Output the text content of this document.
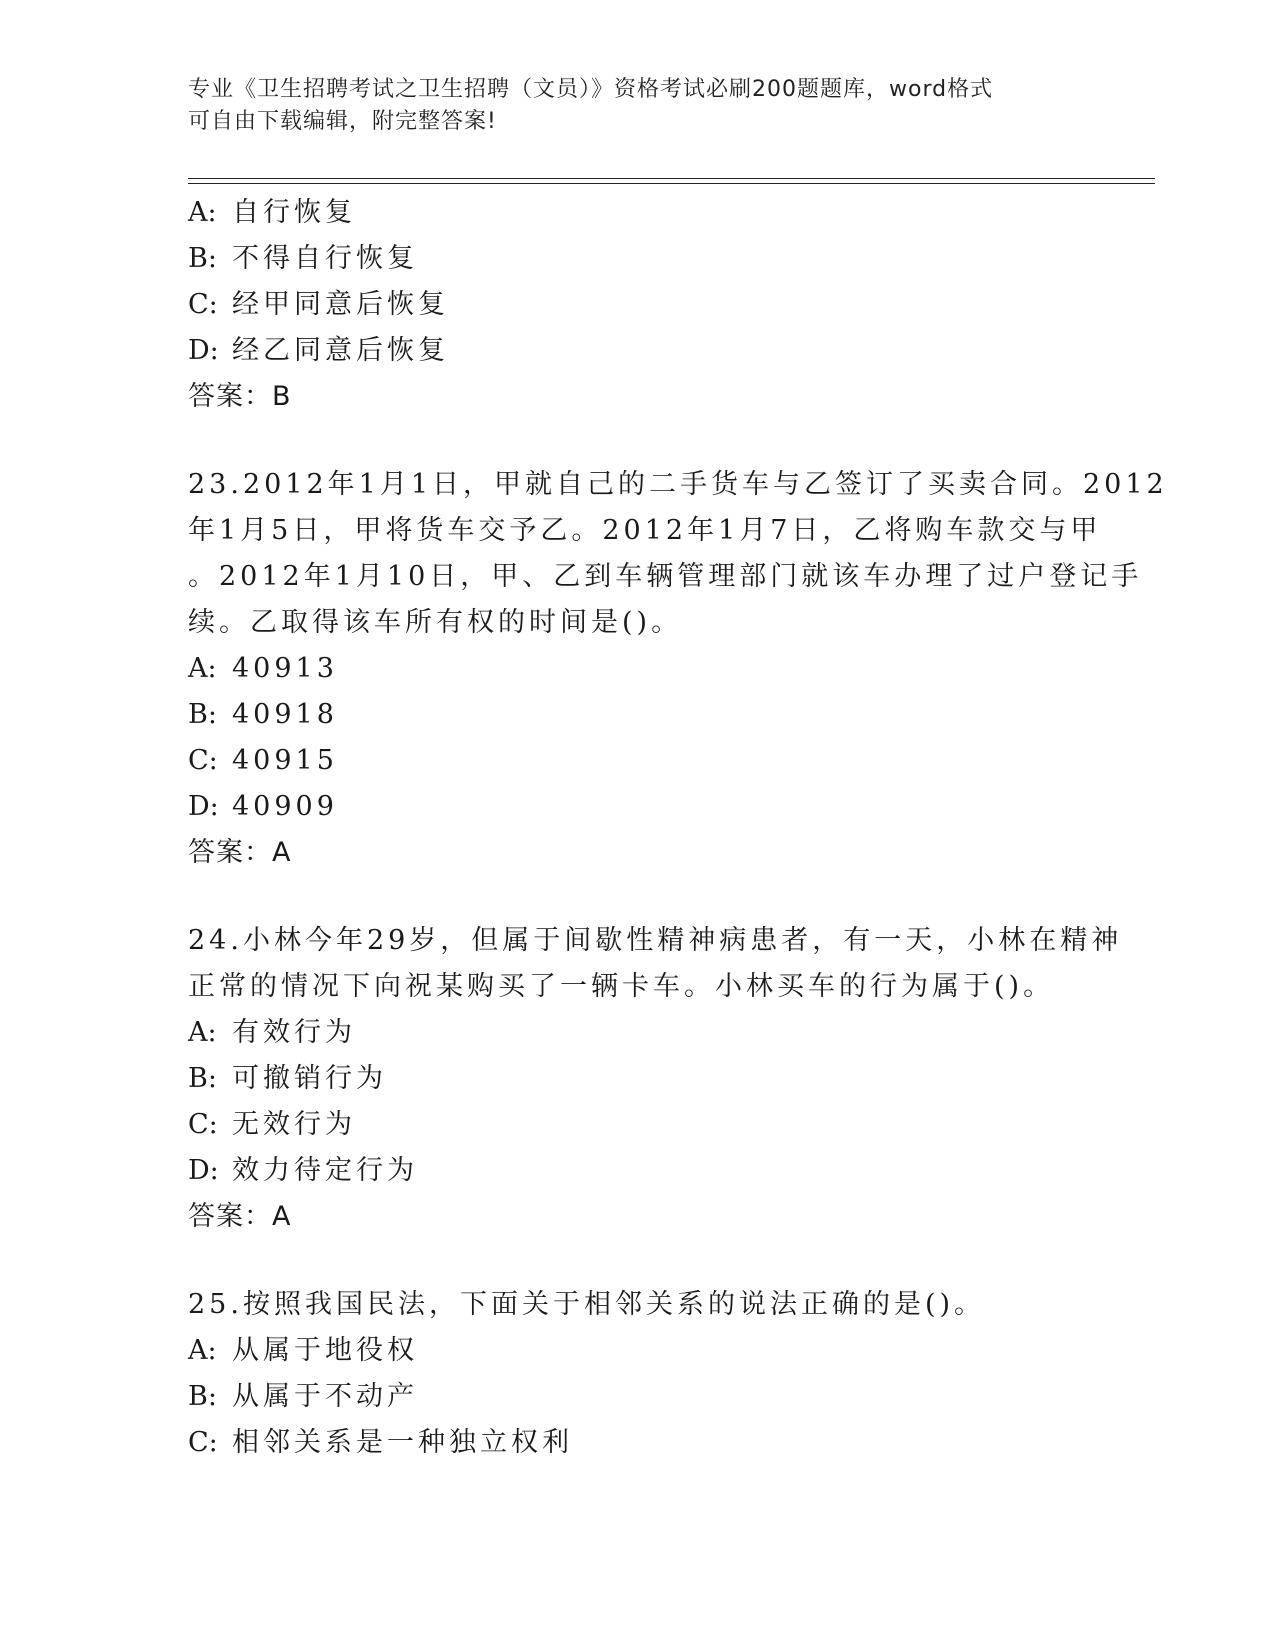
专业《卫生招聘考试之卫生招聘（文员）》资格考试必刷200题题库，word格式
可自由下载编辑，附完整答案!
A: 自行恢复
B: 不得自行恢复
C: 经甲同意后恢复
D: 经乙同意后恢复
答案：B
23.2012年1月1日，甲就自己的二手货车与乙签订了买卖合同。2012
年1月5日，甲将货车交予乙。2012年1月7日，乙将购车款交与甲
。2012年1月10日，甲、乙到车辆管理部门就该车办理了过户登记手
续。乙取得该车所有权的时间是()。
A: 40913
B: 40918
C: 40915
D: 40909
答案：A
24.小林今年29岁，但属于间歇性精神病患者，有一天，小林在精神
正常的情况下向祝某购买了一辆卡车。小林买车的行为属于()。
A: 有效行为
B: 可撤销行为
C: 无效行为
D: 效力待定行为
答案：A
25.按照我国民法，下面关于相邻关系的说法正确的是()。
A: 从属于地役权
B: 从属于不动产
C: 相邻关系是一种独立权利
